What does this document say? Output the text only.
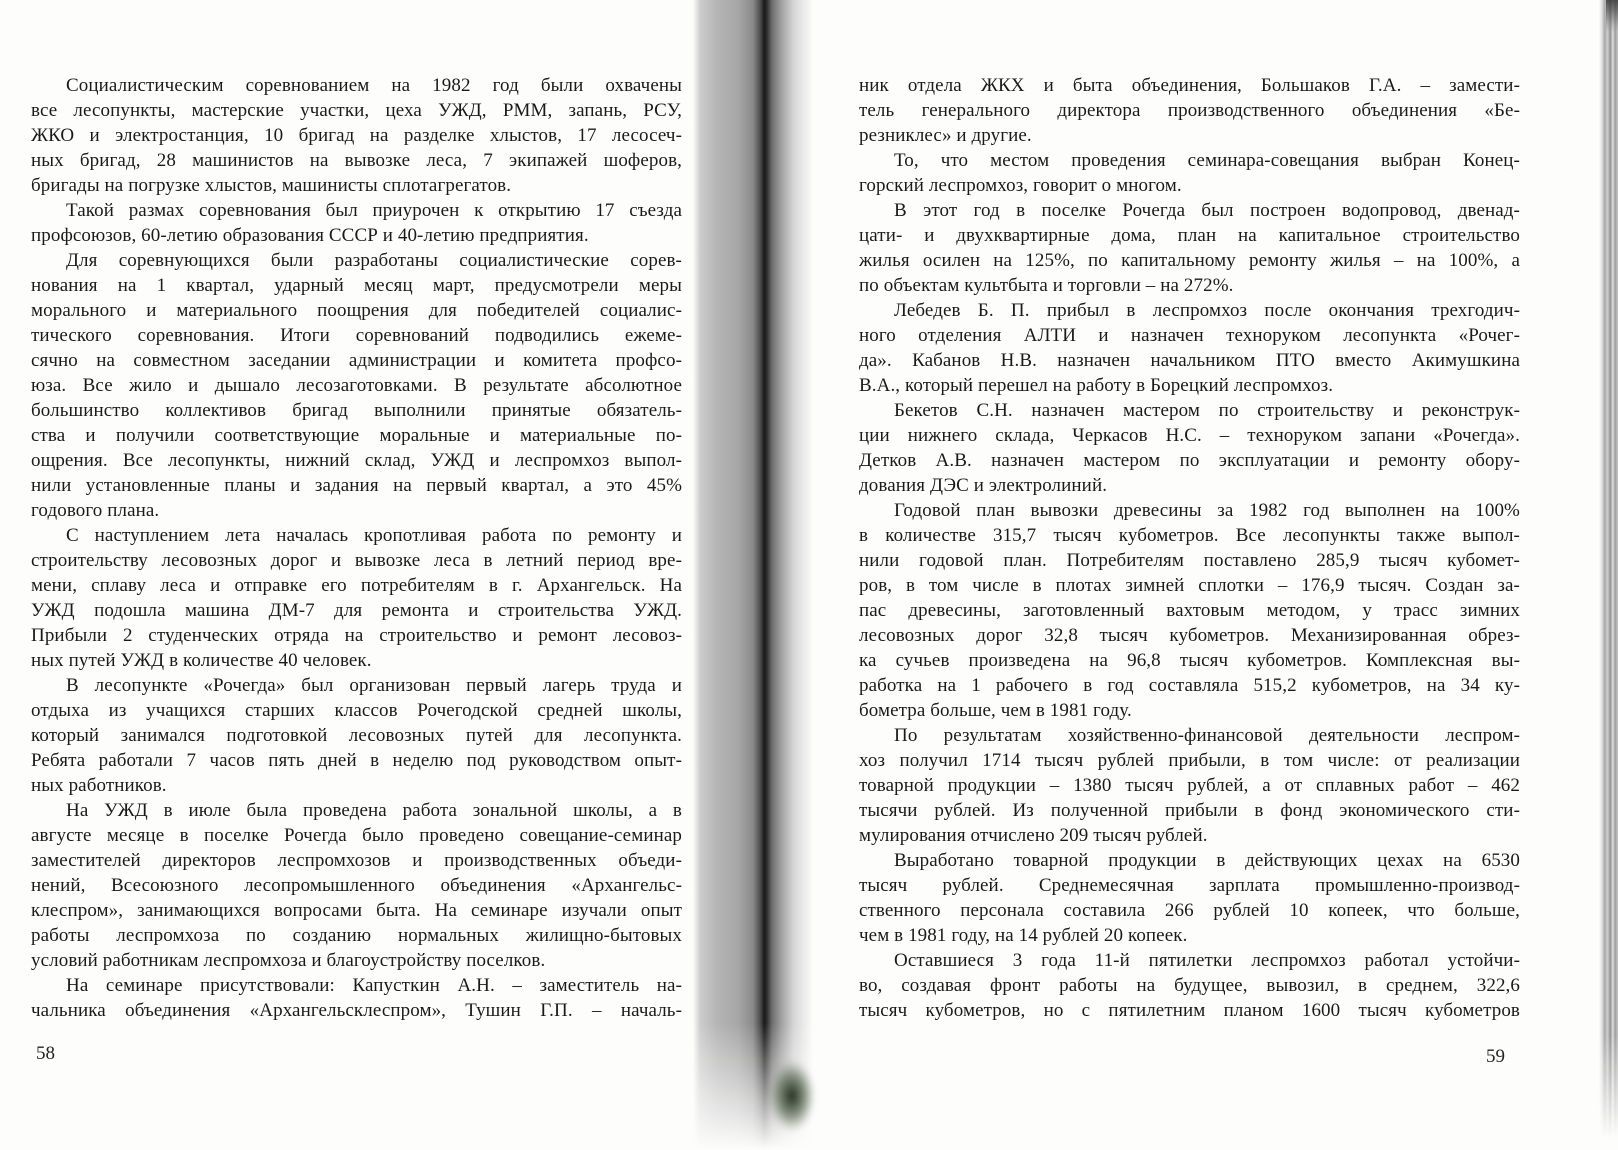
Социалистическим соревнованием на 1982 год были охвачены
все лесопункты, мастерские участки, цеха УЖД, РММ, запань, РСУ,
ЖКО и электростанция, 10 бригад на разделке хлыстов, 17 лесосеч-
ных бригад, 28 машинистов на вывозке леса, 7 экипажей шоферов,
бригады на погрузке хлыстов, машинисты сплотагрегатов.
Такой размах соревнования был приурочен к открытию 17 съезда
профсоюзов, 60-летию образования СССР и 40-летию предприятия.
Для соревнующихся были разработаны социалистические сорев-
нования на 1 квартал, ударный месяц март, предусмотрели меры
морального и материального поощрения для победителей социалис-
тического соревнования. Итоги соревнований подводились ежеме-
сячно на совместном заседании администрации и комитета профсо-
юза. Все жило и дышало лесозаготовками. В результате абсолютное
большинство коллективов бригад выполнили принятые обязатель-
ства и получили соответствующие моральные и материальные по-
ощрения. Все лесопункты, нижний склад, УЖД и леспромхоз выпол-
нили установленные планы и задания на первый квартал, а это 45%
годового плана.
С наступлением лета началась кропотливая работа по ремонту и
строительству лесовозных дорог и вывозке леса в летний период вре-
мени, сплаву леса и отправке его потребителям в г. Архангельск. На
УЖД подошла машина ДМ-7 для ремонта и строительства УЖД.
Прибыли 2 студенческих отряда на строительство и ремонт лесовоз-
ных путей УЖД в количестве 40 человек.
В лесопункте «Рочегда» был организован первый лагерь труда и
отдыха из учащихся старших классов Рочегодской средней школы,
который занимался подготовкой лесовозных путей для лесопункта.
Ребята работали 7 часов пять дней в неделю под руководством опыт-
ных работников.
На УЖД в июле была проведена работа зональной школы, а в
августе месяце в поселке Рочегда было проведено совещание-семинар
заместителей директоров леспромхозов и производственных объеди-
нений, Всесоюзного лесопромышленного объединения «Архангельс-
клеспром», занимающихся вопросами быта. На семинаре изучали опыт
работы леспромхоза по созданию нормальных жилищно-бытовых
условий работникам леспромхоза и благоустройству поселков.
На семинаре присутствовали: Капусткин А.Н. – заместитель на-
чальника объединения «Архангельсклеспром», Тушин Г.П. – началь-
ник отдела ЖКХ и быта объединения, Большаков Г.А. – замести-
тель генерального директора производственного объединения «Бе-
резниклес» и другие.
То, что местом проведения семинара-совещания выбран Конец-
горский леспромхоз, говорит о многом.
В этот год в поселке Рочегда был построен водопровод, двенад-
цати- и двухквартирные дома, план на капитальное строительство
жилья осилен на 125%, по капитальному ремонту жилья – на 100%, а
по объектам культбыта и торговли – на 272%.
Лебедев Б. П. прибыл в леспромхоз после окончания трехгодич-
ного отделения АЛТИ и назначен техноруком лесопункта «Рочег-
да». Кабанов Н.В. назначен начальником ПТО вместо Акимушкина
В.А., который перешел на работу в Борецкий леспромхоз.
Бекетов С.Н. назначен мастером по строительству и реконструк-
ции нижнего склада, Черкасов Н.С. – техноруком запани «Рочегда».
Детков А.В. назначен мастером по эксплуатации и ремонту обору-
дования ДЭС и электролиний.
Годовой план вывозки древесины за 1982 год выполнен на 100%
в количестве 315,7 тысяч кубометров. Все лесопункты также выпол-
нили годовой план. Потребителям поставлено 285,9 тысяч кубомет-
ров, в том числе в плотах зимней сплотки – 176,9 тысяч. Создан за-
пас древесины, заготовленный вахтовым методом, у трасс зимних
лесовозных дорог 32,8 тысяч кубометров. Механизированная обрез-
ка сучьев произведена на 96,8 тысяч кубометров. Комплексная вы-
работка на 1 рабочего в год составляла 515,2 кубометров, на 34 ку-
бометра больше, чем в 1981 году.
По результатам хозяйственно-финансовой деятельности леспром-
хоз получил 1714 тысяч рублей прибыли, в том числе: от реализации
товарной продукции – 1380 тысяч рублей, а от сплавных работ – 462
тысячи рублей. Из полученной прибыли в фонд экономического сти-
мулирования отчислено 209 тысяч рублей.
Выработано товарной продукции в действующих цехах на 6530
тысяч рублей. Среднемесячная зарплата промышленно-производ-
ственного персонала составила 266 рублей 10 копеек, что больше,
чем в 1981 году, на 14 рублей 20 копеек.
Оставшиеся 3 года 11-й пятилетки леспромхоз работал устойчи-
во, создавая фронт работы на будущее, вывозил, в среднем, 322,6
тысяч кубометров, но с пятилетним планом 1600 тысяч кубометров
58	59
